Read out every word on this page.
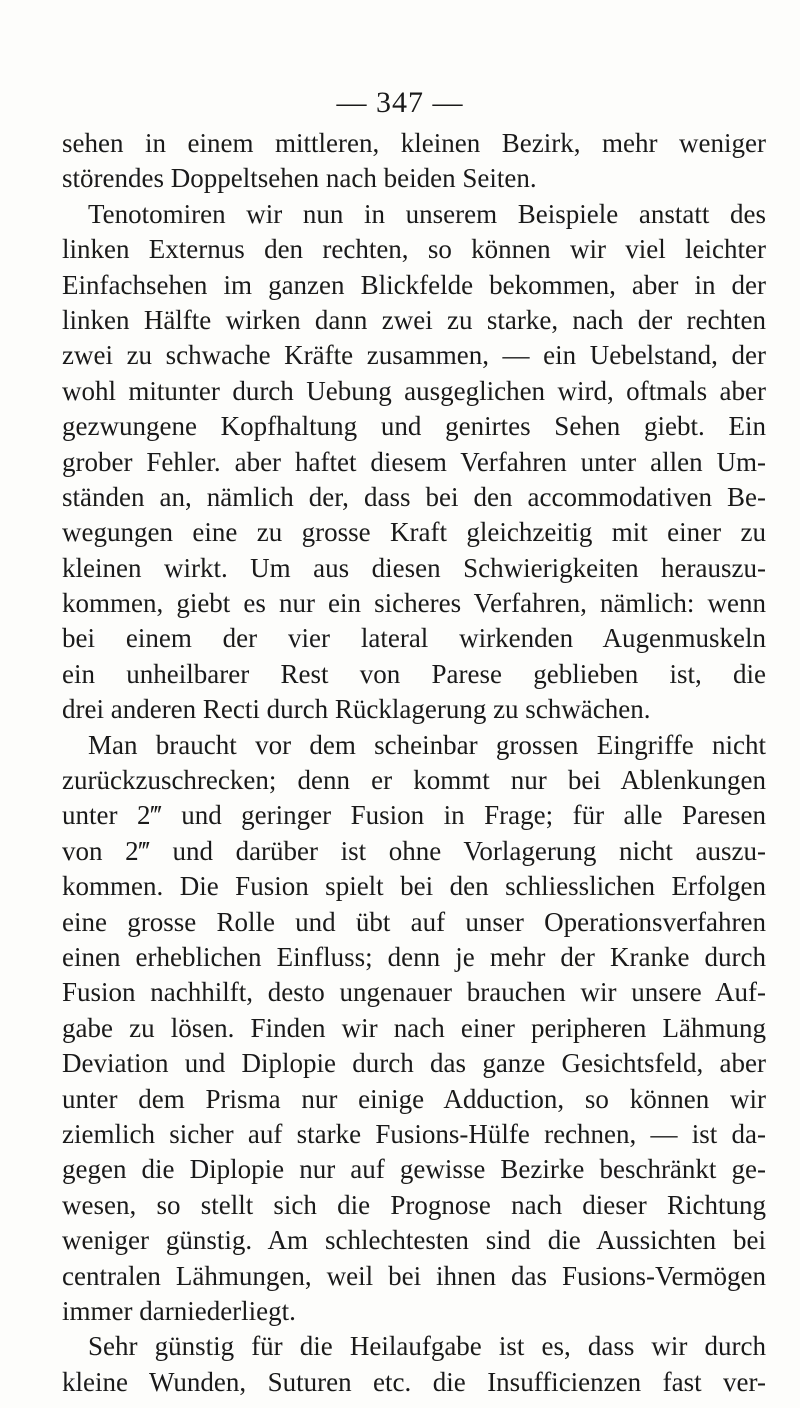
— 347 —
sehen in einem mittleren, kleinen Bezirk, mehr weniger
störendes Doppeltsehen nach beiden Seiten.
Tenotomiren wir nun in unserem Beispiele anstatt des
linken Externus den rechten, so können wir viel leichter
Einfachsehen im ganzen Blickfelde bekommen, aber in der
linken Hälfte wirken dann zwei zu starke, nach der rechten
zwei zu schwache Kräfte zusammen, — ein Uebelstand, der
wohl mitunter durch Uebung ausgeglichen wird, oftmals aber
gezwungene Kopfhaltung und genirtes Sehen giebt. Ein
grober Fehler. aber haftet diesem Verfahren unter allen Um-
ständen an, nämlich der, dass bei den accommodativen Be-
wegungen eine zu grosse Kraft gleichzeitig mit einer zu
kleinen wirkt. Um aus diesen Schwierigkeiten herauszu-
kommen, giebt es nur ein sicheres Verfahren, nämlich: wenn
bei einem der vier lateral wirkenden Augenmuskeln
ein unheilbarer Rest von Parese geblieben ist, die
drei anderen Recti durch Rücklagerung zu schwächen.
Man braucht vor dem scheinbar grossen Eingriffe nicht
zurückzuschrecken; denn er kommt nur bei Ablenkungen
unter 2‴ und geringer Fusion in Frage; für alle Paresen
von 2‴ und darüber ist ohne Vorlagerung nicht auszu-
kommen. Die Fusion spielt bei den schliesslichen Erfolgen
eine grosse Rolle und übt auf unser Operationsverfahren
einen erheblichen Einfluss; denn je mehr der Kranke durch
Fusion nachhilft, desto ungenauer brauchen wir unsere Auf-
gabe zu lösen. Finden wir nach einer peripheren Lähmung
Deviation und Diplopie durch das ganze Gesichtsfeld, aber
unter dem Prisma nur einige Adduction, so können wir
ziemlich sicher auf starke Fusions-Hülfe rechnen, — ist da-
gegen die Diplopie nur auf gewisse Bezirke beschränkt ge-
wesen, so stellt sich die Prognose nach dieser Richtung
weniger günstig. Am schlechtesten sind die Aussichten bei
centralen Lähmungen, weil bei ihnen das Fusions-Vermögen
immer darniederliegt.
Sehr günstig für die Heilaufgabe ist es, dass wir durch
kleine Wunden, Suturen etc. die Insufficienzen fast ver-
